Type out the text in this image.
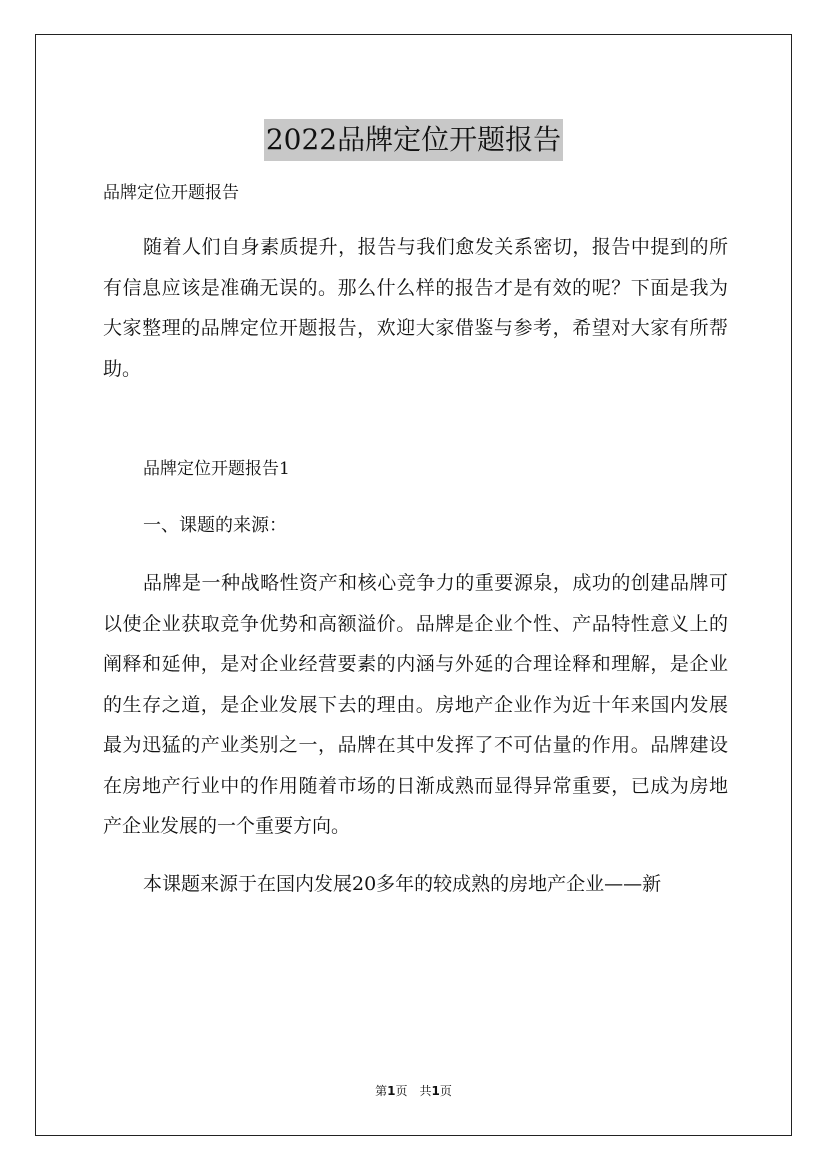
2022品牌定位开题报告

品牌定位开题报告

随着人们自身素质提升，报告与我们愈发关系密切，报告中提到的所有信息应该是准确无误的。那么什么样的报告才是有效的呢？下面是我为大家整理的品牌定位开题报告，欢迎大家借鉴与参考，希望对大家有所帮助。

品牌定位开题报告1

一、课题的来源：

品牌是一种战略性资产和核心竞争力的重要源泉，成功的创建品牌可以使企业获取竞争优势和高额溢价。品牌是企业个性、产品特性意义上的阐释和延伸，是对企业经营要素的内涵与外延的合理诠释和理解，是企业的生存之道，是企业发展下去的理由。房地产企业作为近十年来国内发展最为迅猛的产业类别之一，品牌在其中发挥了不可估量的作用。品牌建设在房地产行业中的作用随着市场的日渐成熟而显得异常重要，已成为房地产企业发展的一个重要方向。

本课题来源于在国内发展20多年的较成熟的房地产企业——新

第1页　共1页
